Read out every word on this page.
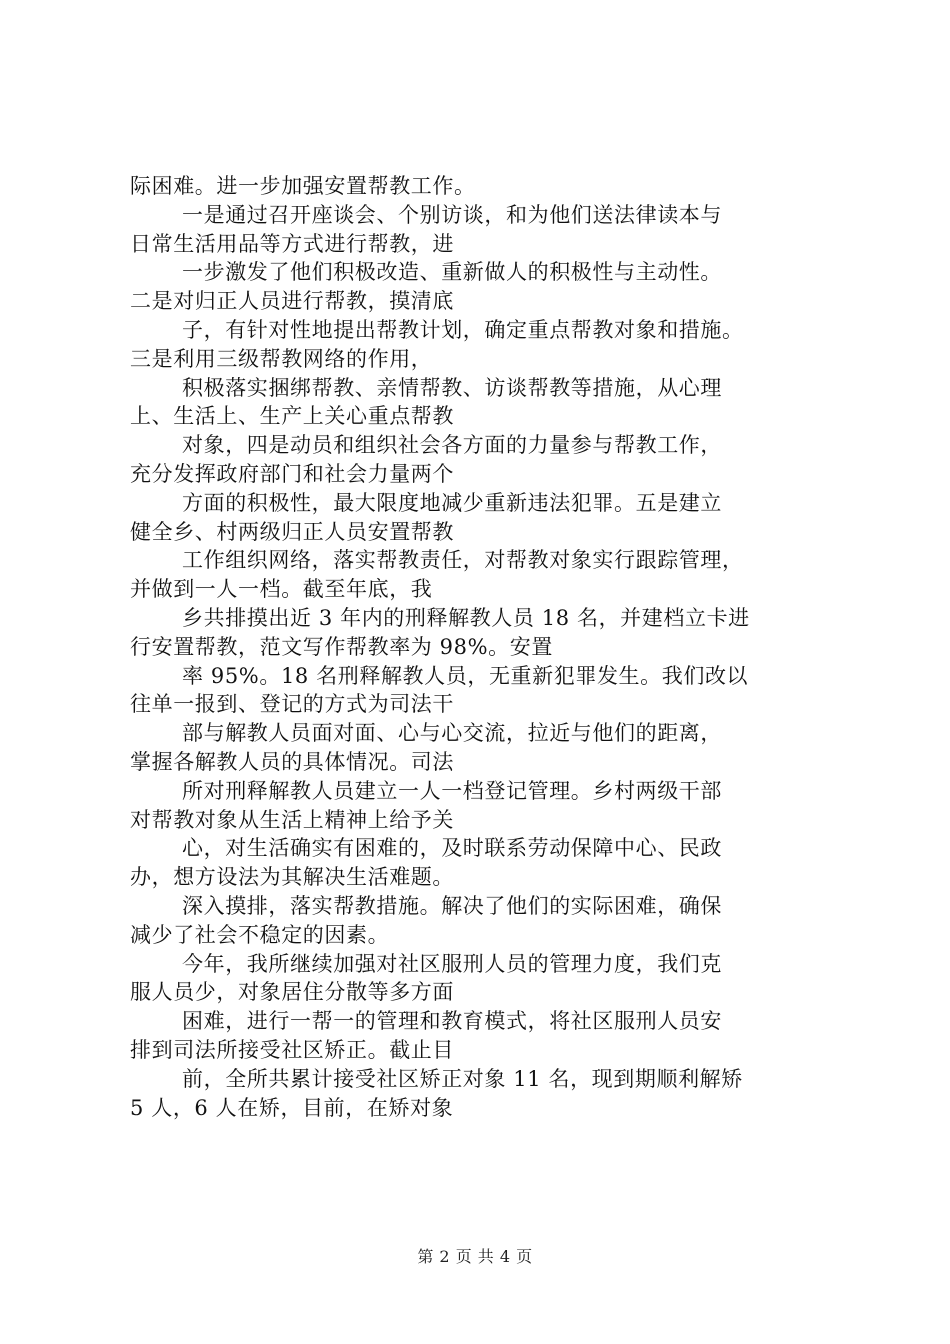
际困难。进一步加强安置帮教工作。
一是通过召开座谈会、个别访谈，和为他们送法律读本与
日常生活用品等方式进行帮教，进
一步激发了他们积极改造、重新做人的积极性与主动性。
二是对归正人员进行帮教，摸清底
子，有针对性地提出帮教计划，确定重点帮教对象和措施。
三是利用三级帮教网络的作用，
积极落实捆绑帮教、亲情帮教、访谈帮教等措施，从心理
上、生活上、生产上关心重点帮教
对象，四是动员和组织社会各方面的力量参与帮教工作，
充分发挥政府部门和社会力量两个
方面的积极性，最大限度地减少重新违法犯罪。五是建立
健全乡、村两级归正人员安置帮教
工作组织网络，落实帮教责任，对帮教对象实行跟踪管理，
并做到一人一档。截至年底，我
乡共排摸出近 3 年内的刑释解教人员 18 名，并建档立卡进
行安置帮教，范文写作帮教率为 98%。安置
率 95%。18 名刑释解教人员，无重新犯罪发生。我们改以
往单一报到、登记的方式为司法干
部与解教人员面对面、心与心交流，拉近与他们的距离，
掌握各解教人员的具体情况。司法
所对刑释解教人员建立一人一档登记管理。乡村两级干部
对帮教对象从生活上精神上给予关
心，对生活确实有困难的，及时联系劳动保障中心、民政
办，想方设法为其解决生活难题。
深入摸排，落实帮教措施。解决了他们的实际困难，确保
减少了社会不稳定的因素。
今年，我所继续加强对社区服刑人员的管理力度，我们克
服人员少，对象居住分散等多方面
困难，进行一帮一的管理和教育模式，将社区服刑人员安
排到司法所接受社区矫正。截止目
前，全所共累计接受社区矫正对象 11 名，现到期顺利解矫
5 人，6 人在矫，目前，在矫对象
第 2 页 共 4 页
